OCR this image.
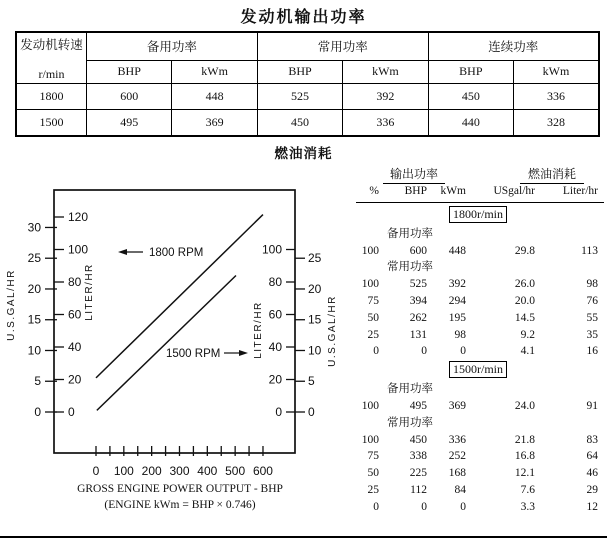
发动机输出功率
发动机转速
r/min	备用功率		常用功率		连续功率	
	BHP	kWm	BHP	kWm	BHP	kWm
1800	600	448	525	392	450	336
1500	495	369	450	336	440	328
燃油消耗
0
5
10
15
20
25
30
0
20
40
60
80
100
120
0
20
40
60
80
100
0
5
10
15
20
25
0 100 200 300 400 500 600
U.S.GAL/HR	LITER/HR
LITER/HR	U.S.GAL/HR
1800 RPM
1500 RPM
GROSS ENGINE POWER OUTPUT - BHP
(ENGINE kWm = BHP × 0.746)
输出功率	燃油消耗
%	BHP	kWm	USgal/hr	Liter/hr
1800r/min
备用功率
100	600	448	29.8	113
常用功率
100	525	392	26.0	98
75	394	294	20.0	76
50	262	195	14.5	55
25	131	98	9.2	35
0	0	0	4.1	16
1500r/min
备用功率
100	495	369	24.0	91
常用功率
100	450	336	21.8	83
75	338	252	16.8	64
50	225	168	12.1	46
25	112	84	7.6	29
0	0	0	3.3	12
